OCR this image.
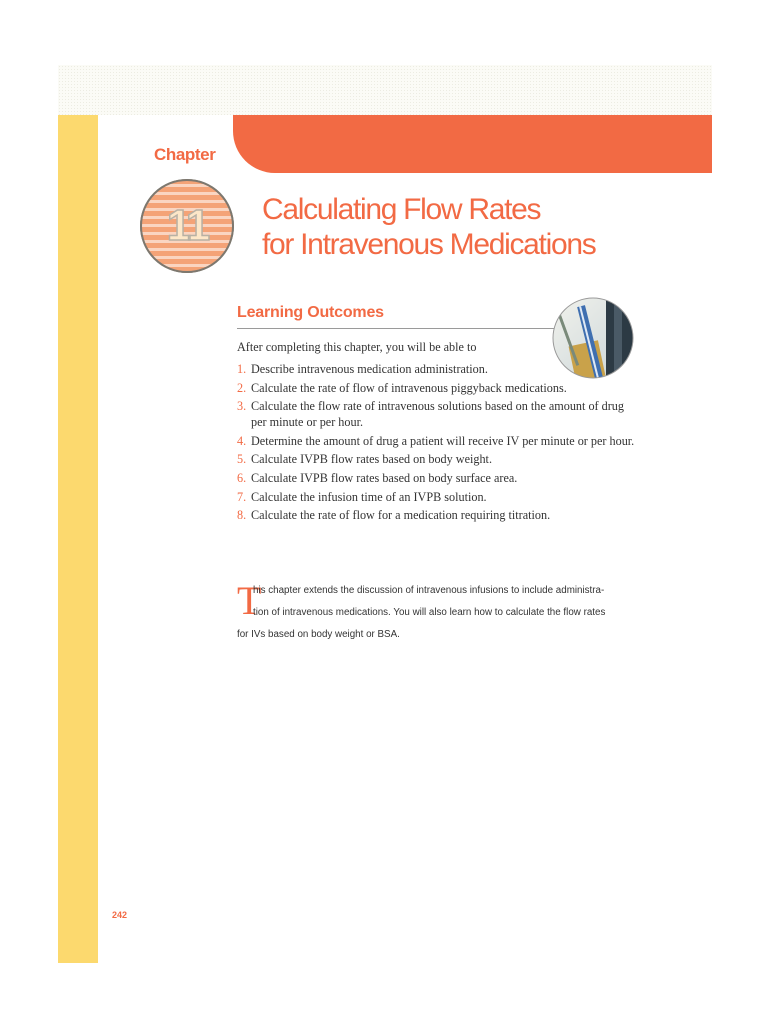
Chapter
11 Calculating Flow Rates
for Intravenous Medications
Learning Outcomes
After completing this chapter, you will be able to
1. Describe intravenous medication administration.
2. Calculate the rate of flow of intravenous piggyback medications.
3. Calculate the flow rate of intravenous solutions based on the amount of drug per minute or per hour.
4. Determine the amount of drug a patient will receive IV per minute or per hour.
5. Calculate IVPB flow rates based on body weight.
6. Calculate IVPB flow rates based on body surface area.
7. Calculate the infusion time of an IVPB solution.
8. Calculate the rate of flow for a medication requiring titration.
T
his chapter extends the discussion of intravenous infusions to include administra-
tion of intravenous medications. You will also learn how to calculate the flow rates
for IVs based on body weight or BSA.
242
